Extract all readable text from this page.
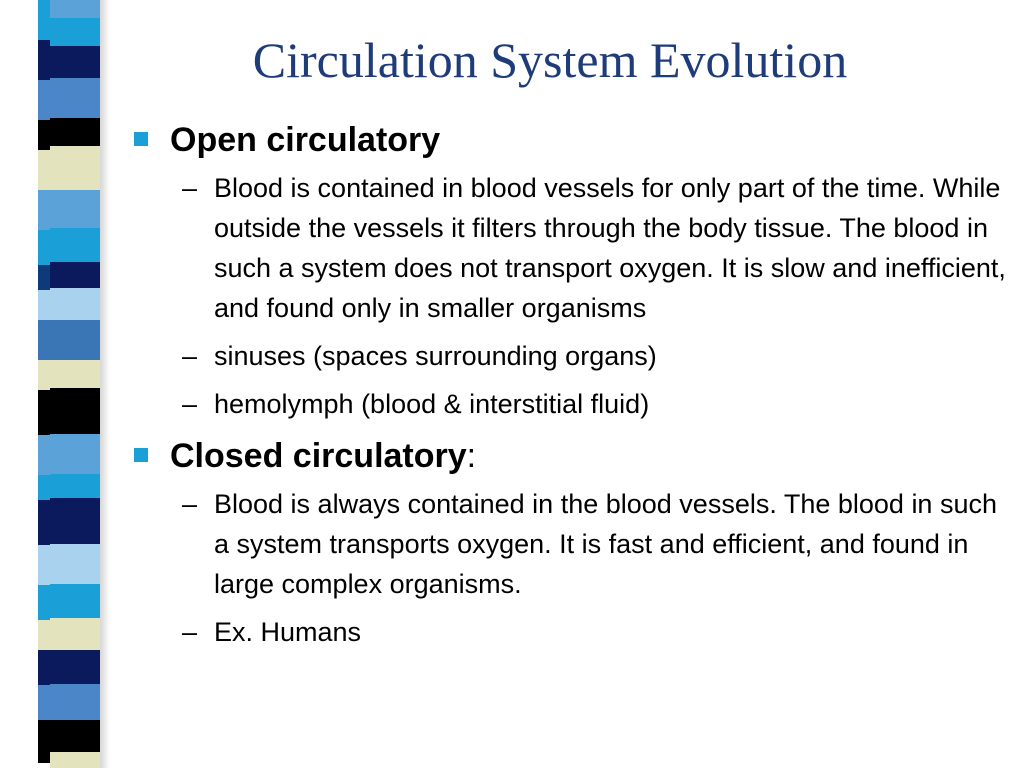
Circulation System Evolution

Open circulatory

– Blood is contained in blood vessels for only part of the time. While outside the vessels it filters through the body tissue. The blood in such a system does not transport oxygen. It is slow and inefficient, and found only in smaller organisms
– sinuses (spaces surrounding organs)
– hemolymph (blood & interstitial fluid)

Closed circulatory:

– Blood is always contained in the blood vessels. The blood in such a system transports oxygen. It is fast and efficient, and found in large complex organisms.
– Ex. Humans
